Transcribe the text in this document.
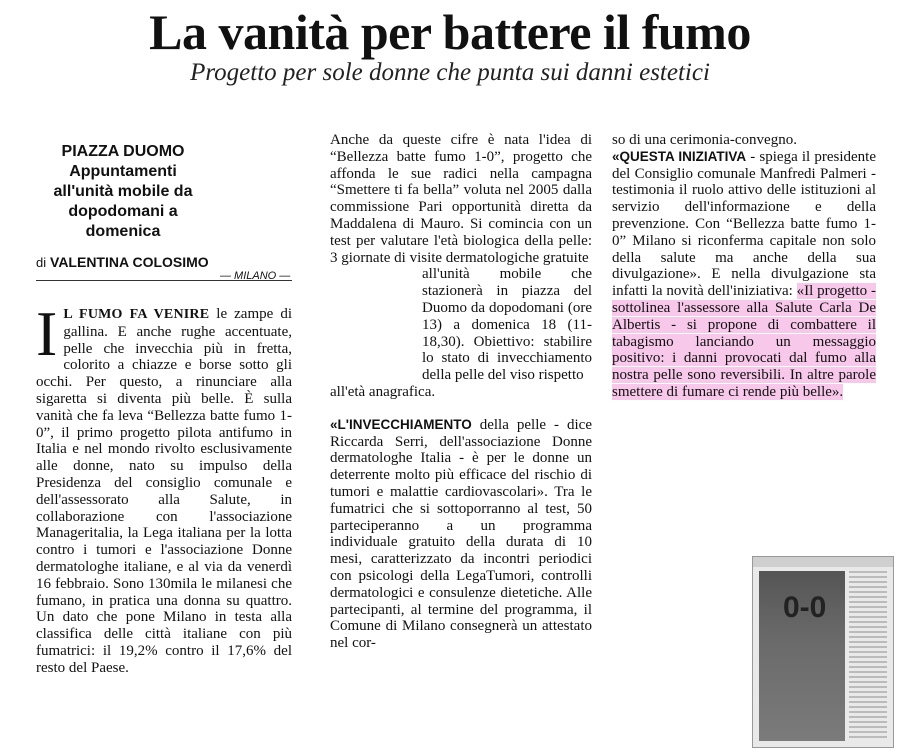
La vanità per battere il fumo
Progetto per sole donne che punta sui danni estetici
PIAZZA DUOMO
Appuntamenti all'unità mobile da dopodomani a domenica
di VALENTINA COLOSIMO
— MILANO —

I L FUMO FA VENIRE le zampe di gallina. E anche rughe accentuate, pelle che invecchia più in fretta, colorito a chiazze e borse sotto gli occhi. Per questo, a rinunciare alla sigaretta si diventa più belle. È sulla vanità che fa leva “Bellezza batte fumo 1-0”, il primo progetto pilota antifumo in Italia e nel mondo rivolto esclusivamente alle donne, nato su impulso della Presidenza del consiglio comunale e dell'assessorato alla Salute, in collaborazione con l'associazione Manageritalia, la Lega italiana per la lotta contro i tumori e l'associazione Donne dermatologhe italiane, e al via da venerdì 16 febbraio. Sono 130mila le milanesi che fumano, in pratica una donna su quattro. Un dato che pone Milano in testa alla classifica delle città italiane con più fumatrici: il 19,2% contro il 17,6% del resto del Paese.

Anche da queste cifre è nata l'idea di “Bellezza batte fumo 1-0”, progetto che affonda le sue radici nella campagna “Smettere ti fa bella” voluta nel 2005 dalla commissione Pari opportunità diretta da Maddalena di Mauro. Si comincia con un test per valutare l'età biologica della pelle: 3 giornate di visite dermatologiche gratuite

all'unità mobile che stazionerà in piazza del Duomo da dopodomani (ore 13) a domenica 18 (11-18,30). Obiettivo: stabilire lo stato di invecchiamento della pelle del viso rispetto

all'età anagrafica.

«L'INVECCHIAMENTO della pelle - dice Riccarda Serri, dell'associazione Donne dermatologhe Italia - è per le donne un deterrente molto più efficace del rischio di tumori e malattie cardiovascolari». Tra le fumatrici che si sottoporranno al test, 50 parteciperanno a un programma individuale gratuito della durata di 10 mesi, caratterizzato da incontri periodici con psicologi della LegaTumori, controlli dermatologici e consulenze dietetiche. Alle partecipanti, al termine del programma, il Comune di Milano consegnerà un attestato nel cor-

so di una cerimonia-convegno.

«QUESTA INIZIATIVA - spiega il presidente del Consiglio comunale Manfredi Palmeri - testimonia il ruolo attivo delle istituzioni al servizio dell'informazione e della prevenzione. Con “Bellezza batte fumo 1-0” Milano si riconferma capitale non solo della salute ma anche della sua divulgazione». E nella divulgazione sta infatti la novità dell'iniziativa: «Il progetto - sottolinea l'assessore alla Salute Carla De Albertis - si propone di combattere il tabagismo lanciando un messaggio positivo: i danni provocati dal fumo alla nostra pelle sono reversibili. In altre parole smettere di fumare ci rende più belle».

0-0
